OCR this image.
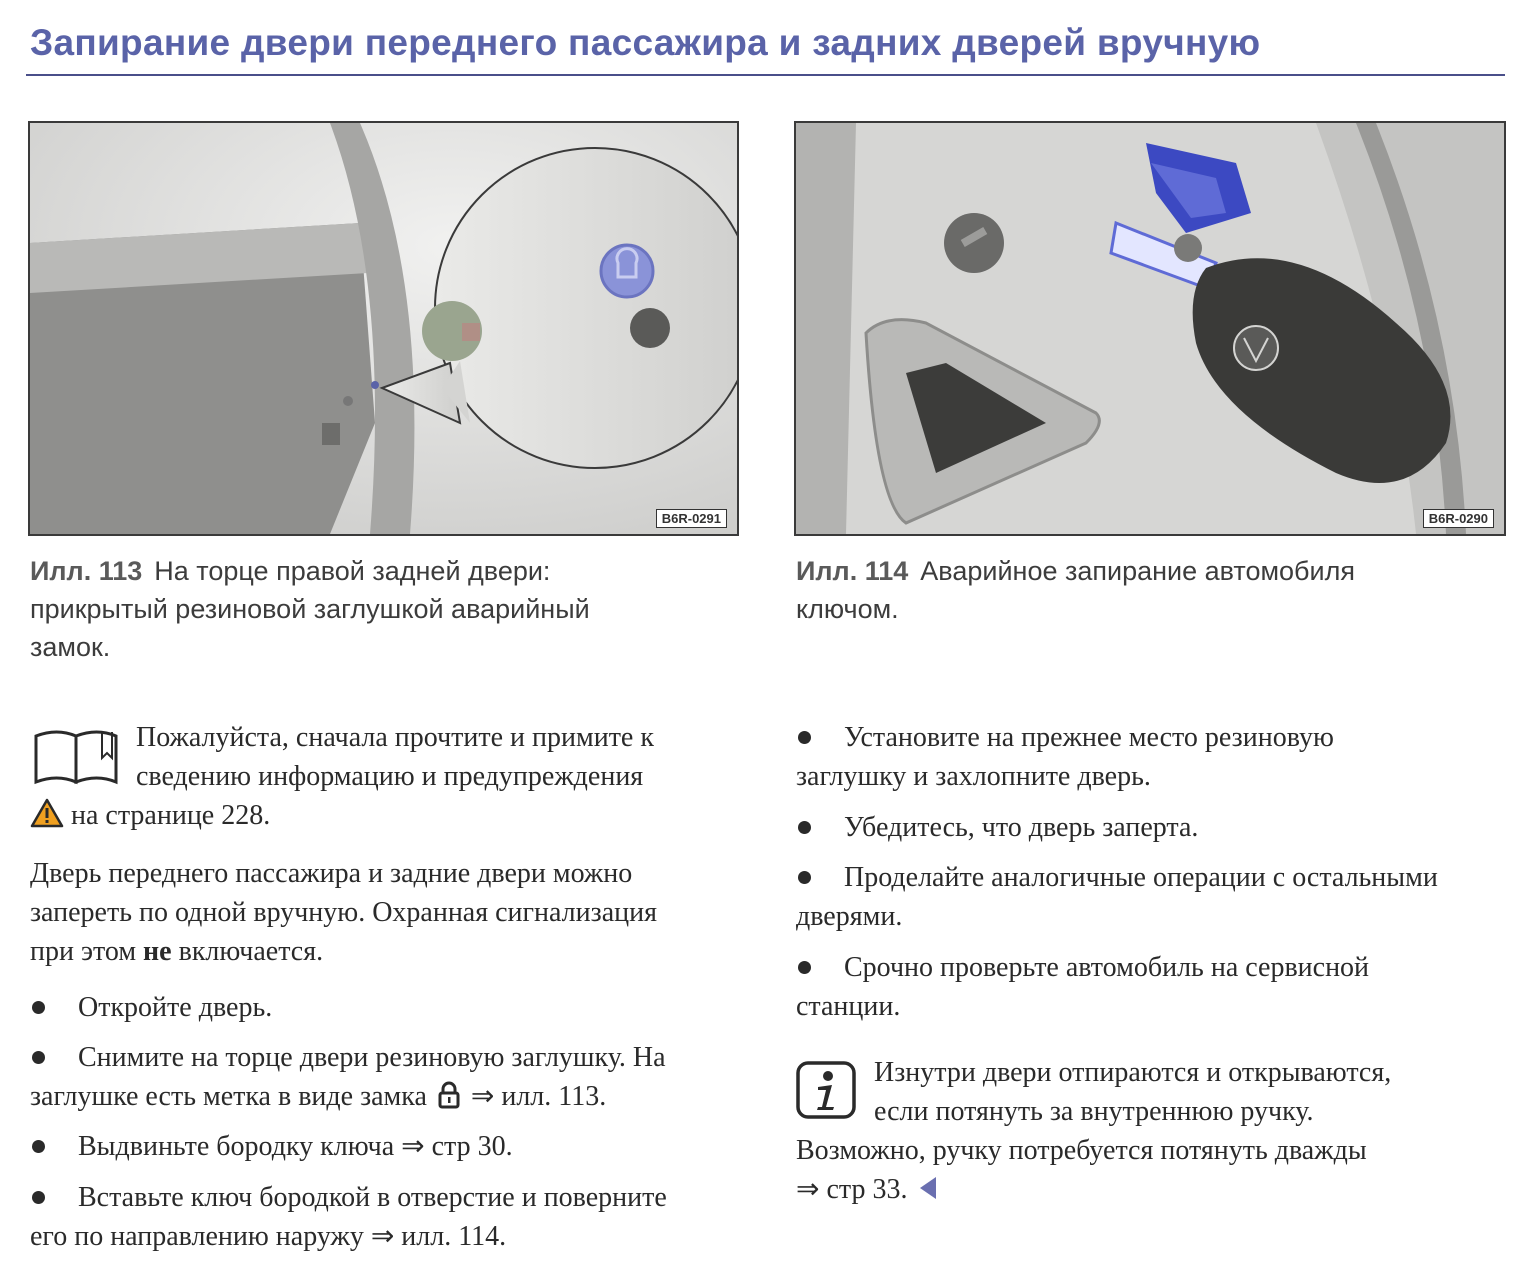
Запирание двери переднего пассажира и задних дверей вручную
B6R-0291	B6R-0290
Илл. 113 На торце правой задней двери:
прикрытый резиновой заглушкой аварийный
замок.
Илл. 114 Аварийное запирание автомобиля
ключом.
Пожалуйста, сначала прочтите и примите к
сведению информацию и предупреждения
на странице 228.
Дверь переднего пассажира и задние двери можно
запереть по одной вручную. Охранная сигнализация
при этом не включается.
Откройте дверь.
Снимите на торце двери резиновую заглушку. На
заглушке есть метка в виде замка ⇒ илл. 113.
Выдвиньте бородку ключа ⇒ стр 30.
Вставьте ключ бородкой в отверстие и поверните
его по направлению наружу ⇒ илл. 114.
Установите на прежнее место резиновую
заглушку и захлопните дверь.
Убедитесь, что дверь заперта.
Проделайте аналогичные операции с остальными
дверями.
Срочно проверьте автомобиль на сервисной
станции.
Изнутри двери отпираются и открываются,
если потянуть за внутреннюю ручку.
Возможно, ручку потребуется потянуть дважды
⇒ стр 33.
